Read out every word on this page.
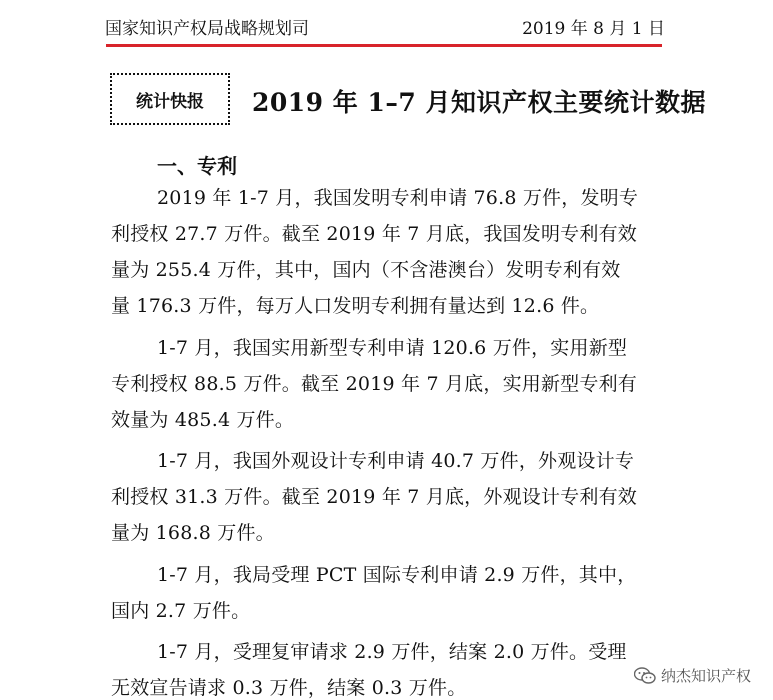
国家知识产权局战略规划司	2019 年 8 月 1 日
统计快报	2019 年 1–7 月知识产权主要统计数据
一、专利
2019 年 1-7 月，我国发明专利申请 76.8 万件，发明专
利授权 27.7 万件。截至 2019 年 7 月底，我国发明专利有效
量为 255.4 万件，其中，国内（不含港澳台）发明专利有效
量 176.3 万件，每万人口发明专利拥有量达到 12.6 件。
1-7 月，我国实用新型专利申请 120.6 万件，实用新型
专利授权 88.5 万件。截至 2019 年 7 月底，实用新型专利有
效量为 485.4 万件。
1-7 月，我国外观设计专利申请 40.7 万件，外观设计专
利授权 31.3 万件。截至 2019 年 7 月底，外观设计专利有效
量为 168.8 万件。
1-7 月，我局受理 PCT 国际专利申请 2.9 万件，其中，
国内 2.7 万件。
1-7 月，受理复审请求 2.9 万件，结案 2.0 万件。受理
无效宣告请求 0.3 万件，结案 0.3 万件。
纳杰知识产权
